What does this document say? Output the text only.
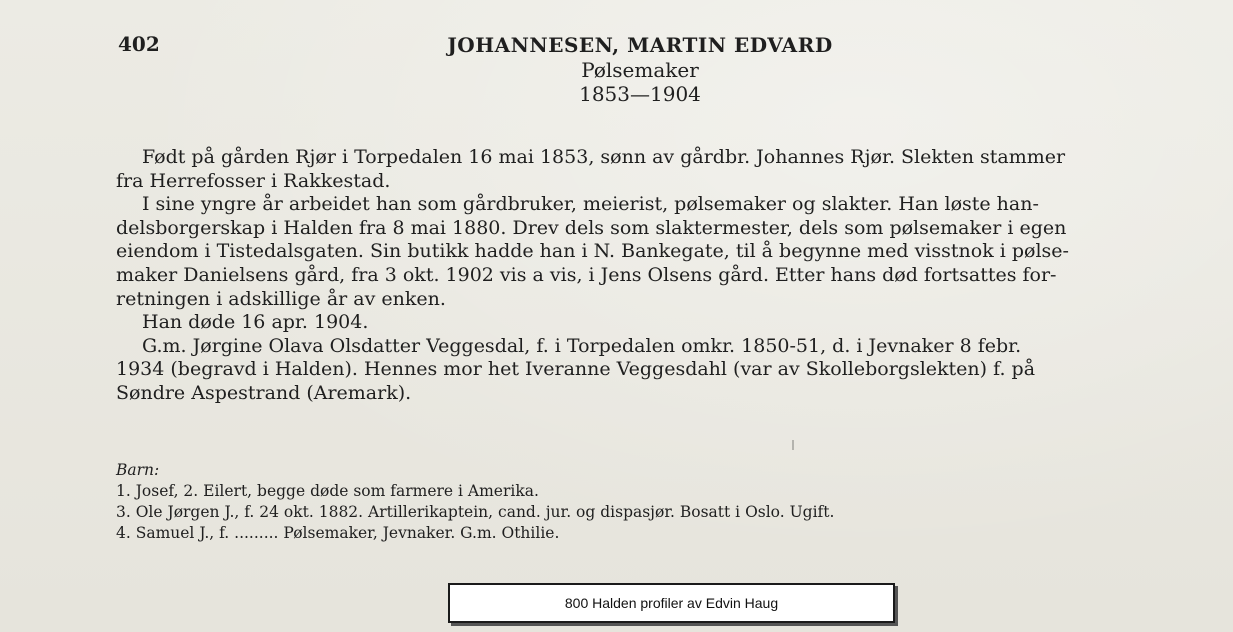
402	JOHANNESEN, MARTIN EDVARD
Pølsemaker
1853—1904

Født på gården Rjør i Torpedalen 16 mai 1853, sønn av gårdbr. Johannes Rjør. Slekten stammer

fra Herrefosser i Rakkestad.

I sine yngre år arbeidet han som gårdbruker, meierist, pølsemaker og slakter. Han løste han-

delsborgerskap i Halden fra 8 mai 1880. Drev dels som slaktermester, dels som pølsemaker i egen

eiendom i Tistedalsgaten. Sin butikk hadde han i N. Bankegate, til å begynne med visstnok i pølse-

maker Danielsens gård, fra 3 okt. 1902 vis a vis, i Jens Olsens gård. Etter hans død fortsattes for-

retningen i adskillige år av enken.

Han døde 16 apr. 1904.

G.m. Jørgine Olava Olsdatter Veggesdal, f. i Torpedalen omkr. 1850-51, d. i Jevnaker 8 febr.

1934 (begravd i Halden). Hennes mor het Iveranne Veggesdahl (var av Skolleborgslekten) f. på

Søndre Aspestrand (Aremark).

Barn:

1. Josef, 2. Eilert, begge døde som farmere i Amerika.

3. Ole Jørgen J., f. 24 okt. 1882. Artillerikaptein, cand. jur. og dispasjør. Bosatt i Oslo. Ugift.

4. Samuel J., f. ......... Pølsemaker, Jevnaker. G.m. Othilie.

800 Halden profiler av Edvin Haug
